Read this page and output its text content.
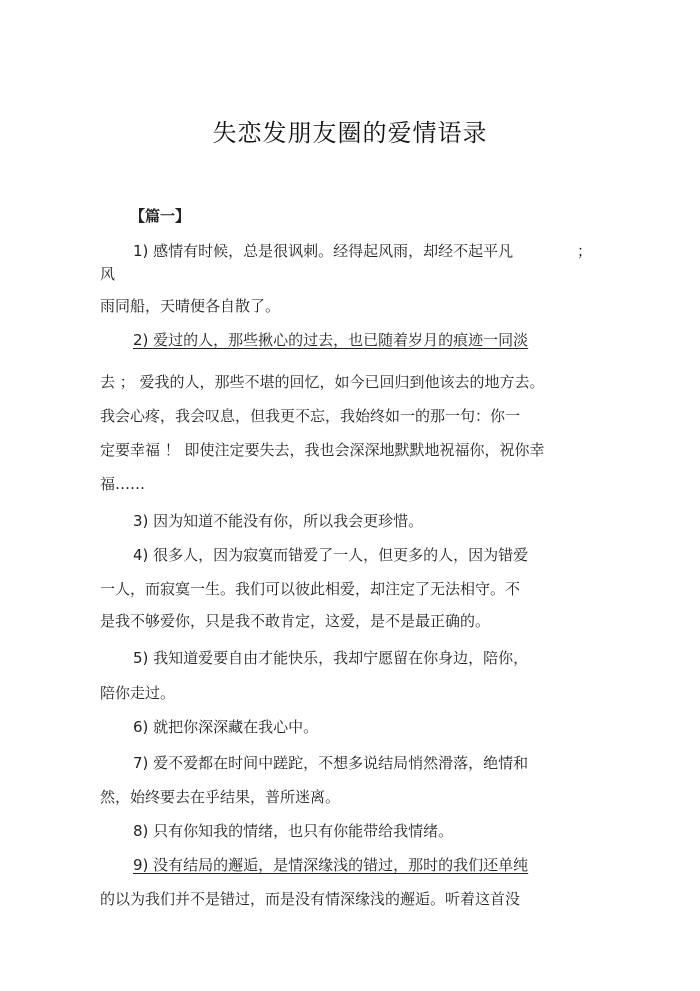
失恋发朋友圈的爱情语录
【篇一】
1) 感情有时候，总是很讽刺。经得起风雨，却经不起平凡	；
风
雨同船，天晴便各自散了。
2) 爱过的人，那些揪心的过去，也已随着岁月的痕迹一同淡
去 ； 爱我的人，那些不堪的回忆，如今已回归到他该去的地方去。
我会心疼，我会叹息，但我更不忘，我始终如一的那一句：你一
定要幸福 ！ 即使注定要失去，我也会深深地默默地祝福你，祝你幸
福……
3) 因为知道不能没有你，所以我会更珍惜。
4) 很多人，因为寂寞而错爱了一人，但更多的人，因为错爱
一人，而寂寞一生。我们可以彼此相爱，却注定了无法相守。不
是我不够爱你，只是我不敢肯定，这爱，是不是最正确的。
5) 我知道爱要自由才能快乐，我却宁愿留在你身边，陪你，
陪你走过。
6) 就把你深深藏在我心中。
7) 爱不爱都在时间中蹉跎，不想多说结局悄然滑落，绝情和
然，始终要去在乎结果，普所迷离。
8) 只有你知我的情绪，也只有你能带给我情绪。
9) 没有结局的邂逅，是情深缘浅的错过，那时的我们还单纯
的以为我们并不是错过，而是没有情深缘浅的邂逅。听着这首没
